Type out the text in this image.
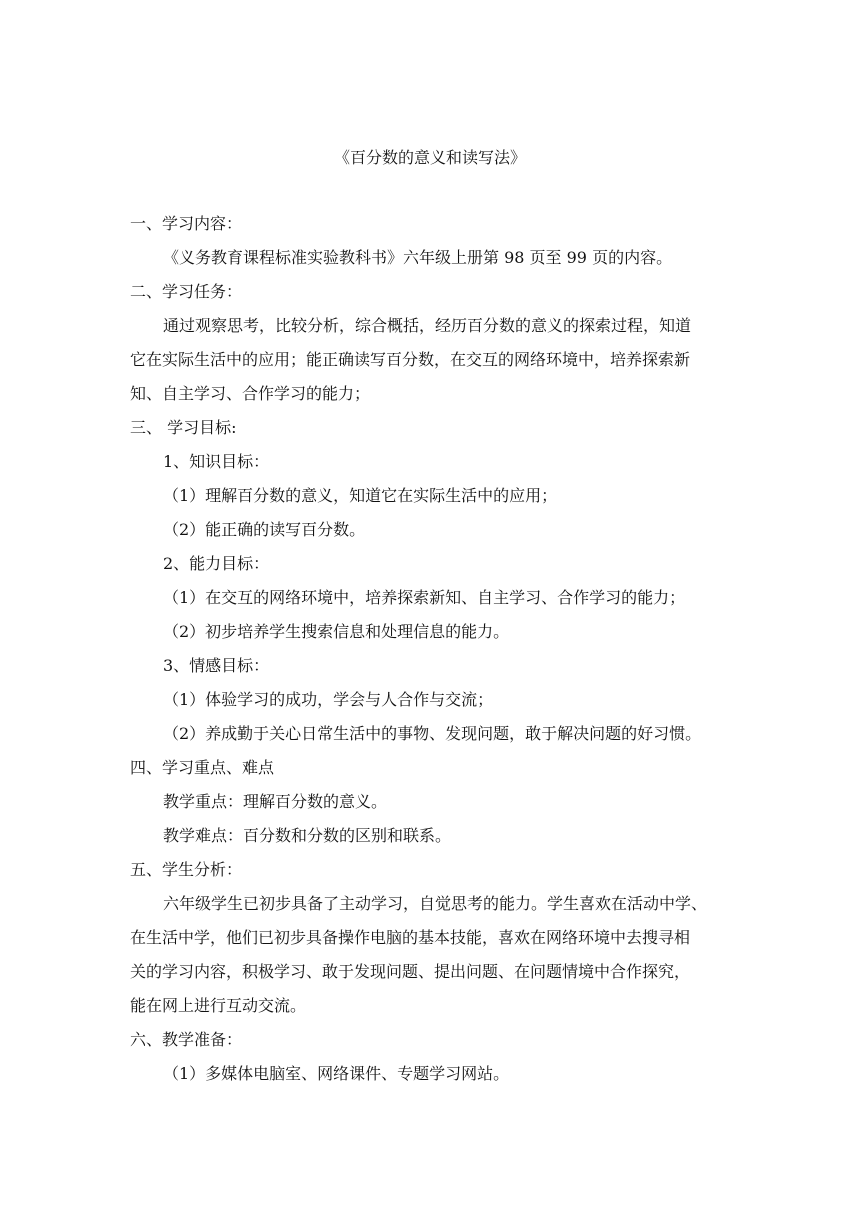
《百分数的意义和读写法》
一、学习内容：
《义务教育课程标准实验教科书》六年级上册第 98 页至 99 页的内容。
二、学习任务：
通过观察思考，比较分析，综合概括，经历百分数的意义的探索过程，知道
它在实际生活中的应用；能正确读写百分数，在交互的网络环境中，培养探索新
知、自主学习、合作学习的能力；
三、 学习目标:
1、知识目标：
（1）理解百分数的意义，知道它在实际生活中的应用；
（2）能正确的读写百分数。
2、能力目标：
（1）在交互的网络环境中，培养探索新知、自主学习、合作学习的能力；
（2）初步培养学生搜索信息和处理信息的能力。
3、情感目标：
（1）体验学习的成功，学会与人合作与交流；
（2）养成勤于关心日常生活中的事物、发现问题，敢于解决问题的好习惯。
四、学习重点、难点
教学重点：理解百分数的意义。
教学难点：百分数和分数的区别和联系。
五、学生分析：
六年级学生已初步具备了主动学习，自觉思考的能力。学生喜欢在活动中学、
在生活中学，他们已初步具备操作电脑的基本技能，喜欢在网络环境中去搜寻相
关的学习内容，积极学习、敢于发现问题、提出问题、在问题情境中合作探究，
能在网上进行互动交流。
六、教学准备：
（1）多媒体电脑室、网络课件、专题学习网站。
